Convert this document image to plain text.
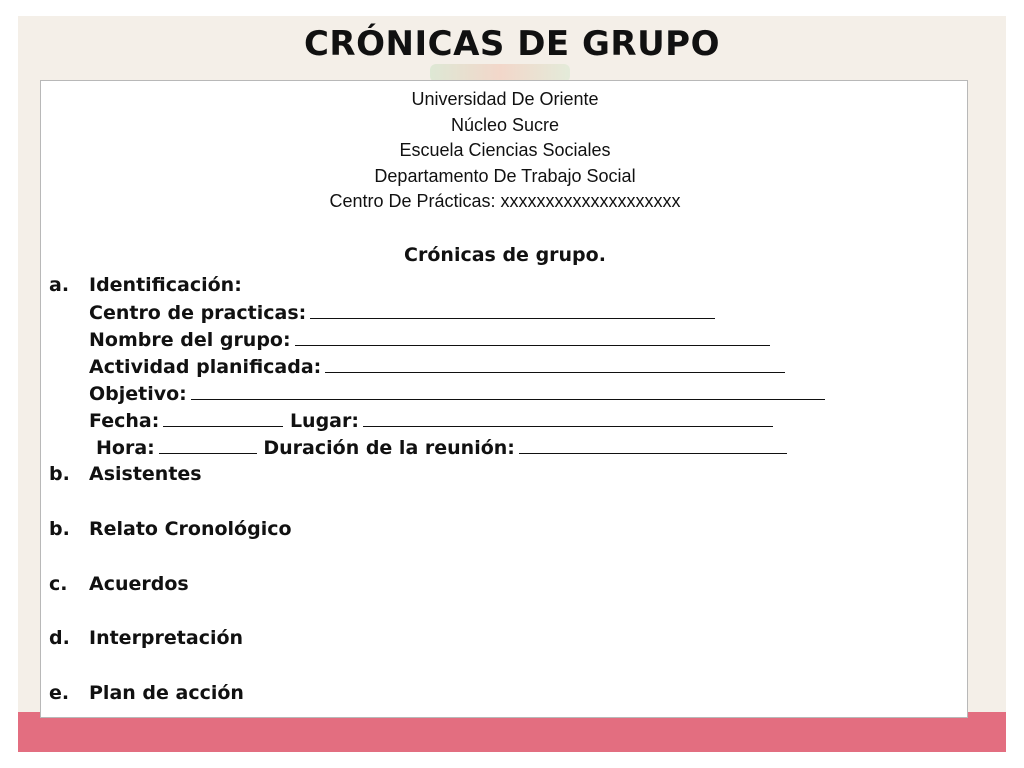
CRÓNICAS DE GRUPO
Universidad De Oriente
Núcleo Sucre
Escuela Ciencias Sociales
Departamento De Trabajo Social
Centro De Prácticas: xxxxxxxxxxxxxxxxxxxx
Crónicas de grupo.
a. Identificación:
Centro de practicas:
Nombre del grupo:
Actividad planificada:
Objetivo:
Fecha:	Lugar:
Hora:	Duración de la reunión:
b. Asistentes
b. Relato Cronológico
c. Acuerdos
d. Interpretación
e. Plan de acción
